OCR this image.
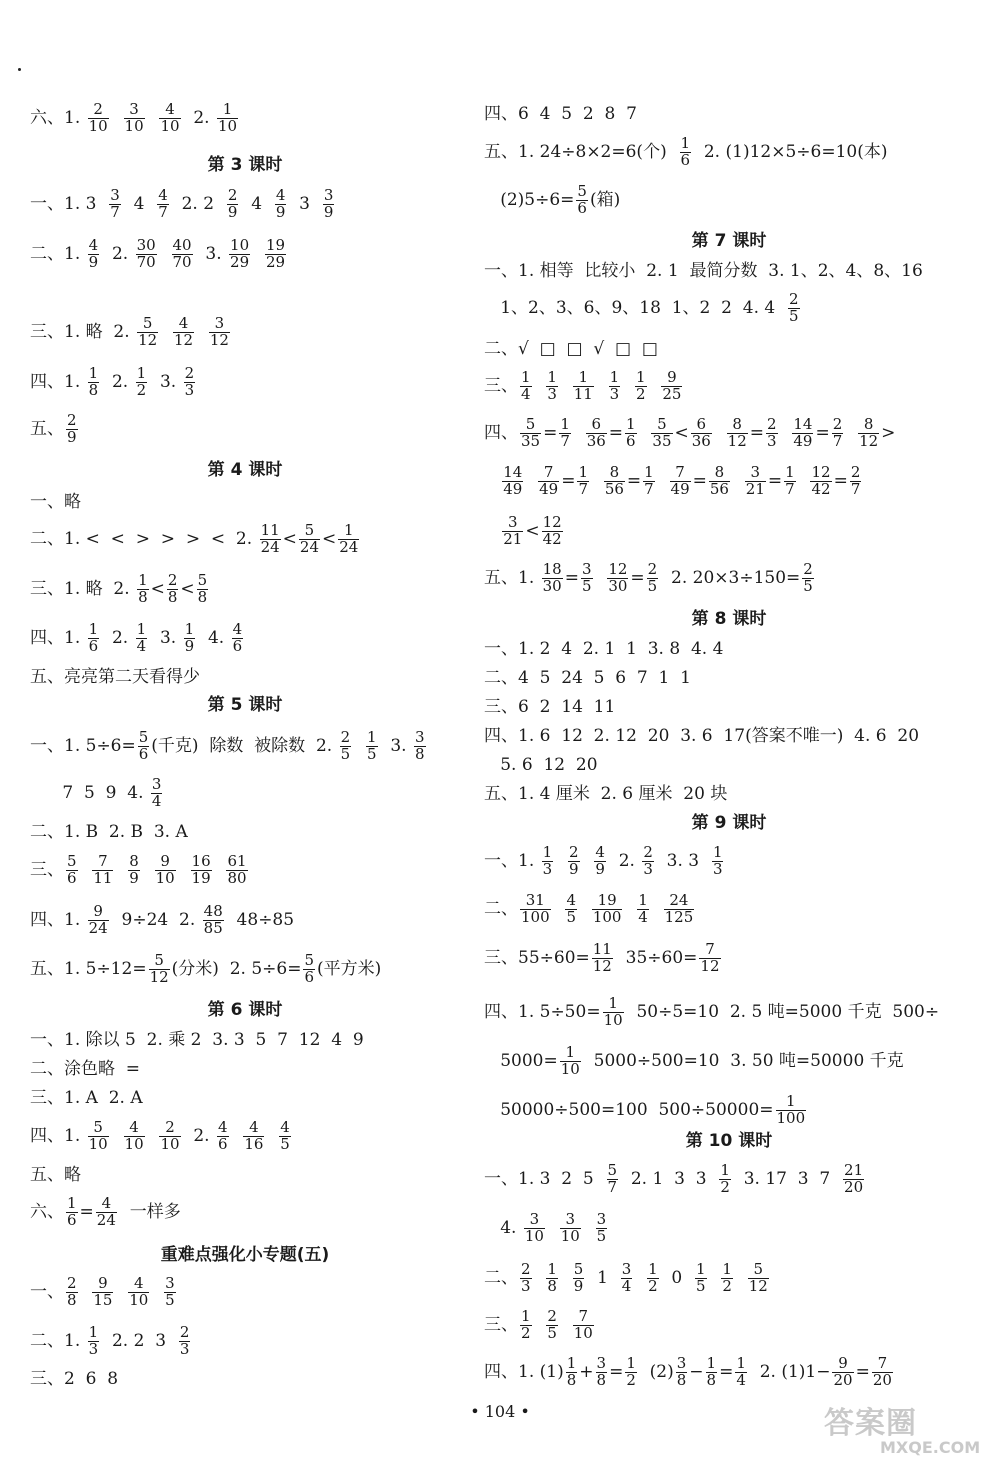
六、1. $\frac{2}{10}$
$\frac{3}{10}$
$\frac{4}{10} 2$. $\frac{1}{10}$
第 3 课时
一、1. $3 \frac{3}{7} 4 \frac{4}{7} 2$. $2 \frac{2}{9} 4 \frac{4}{9} 3 \frac{3}{9}$
二、1. $\frac{4}{9} 2$. $\frac{30}{70}$
$\frac{40}{70} 3$. $\frac{10}{29}$
$\frac{19}{29}$
三、1. 略  2. $\frac{5}{12}$
$\frac{4}{12}$
$\frac{3}{12}$
四、1. $\frac{1}{8} 2$. $\frac{1}{2} 3$. $\frac{2}{3}$
五、 $\frac{2}{9}$
第 4 课时
一、略
二、1. <  <  >  >  >  <  2. $\frac{11}{24} < \frac{5}{24} < \frac{1}{24}$
三、1. 略  2. $\frac{1}{8} < \frac{2}{8} < \frac{5}{8}$
四、1. $\frac{1}{6} 2$. $\frac{1}{4} 3$. $\frac{1}{9} 4$. $\frac{4}{6}$
五、亮亮第二天看得少
第 5 课时
一、1. $5\div 6= \frac{5}{6}$ (千克)  除数  被除数  2. $\frac{2}{5}$
$\frac{1}{5} 3$. $\frac{3}{8}$
7  5  9  4. $\frac{3}{4}$
二、1. B  2. B  3. A
三、 $\frac{5}{6}$
$\frac{7}{11}$
$\frac{8}{9}$
$\frac{9}{10}$
$\frac{16}{19}$
$\frac{61}{80}$
四、1. $\frac{9}{24} 9\div 24$  2. $\frac{48}{85} 48\div 85$
五、1. $5\div 12= \frac{5}{12}$ (分米)  2. $5\div 6= \frac{5}{6}$ (平方米)
第 6 课时
一、1. 除以 5  2. 乘 2  3. 3  5  7  12  4  9
二、涂色略  =
三、1. A  2. A
四、1. $\frac{5}{10}$
$\frac{4}{10}$
$\frac{2}{10} 2$. $\frac{4}{6}$
$\frac{4}{16}$
$\frac{4}{5}$
五、略
六、 $\frac{1}{6} = \frac{4}{24}$ 一样多
重难点强化小专题(五)
一、 $\frac{2}{8}$
$\frac{9}{15}$
$\frac{4}{10}$
$\frac{3}{5}$
二、1. $\frac{1}{3} 2$. 2  $3 \frac{2}{3}$
三、2  6  8
四、6  4  5  2  8  7
五、1. 24÷8×2=6(个) $\frac{1}{6} 2$. (1)12×5÷6=10(本)
$(2)5\div 6= \frac{5}{6}$ (箱)
第 7 课时
一、1. 相等  比较小  2. 1  最简分数  3. 1、2、4、8、16
1、2、3、6、9、18  1、2  2  4. $4 \frac{2}{5}$
二、√  □  □  √  □  □
三、 $\frac{1}{4}$
$\frac{1}{3}$
$\frac{1}{11}$
$\frac{1}{3}$
$\frac{1}{2}$
$\frac{9}{25}$
四、 $\frac{5}{35} = \frac{1}{7}$
$\frac{6}{36} = \frac{1}{6}$
$\frac{5}{35} < \frac{6}{36}$
$\frac{8}{12} = \frac{2}{3}$
$\frac{14}{49} = \frac{2}{7}$
$\frac{8}{12}$ >

$\frac{14}{49}$
$\frac{7}{49} = \frac{1}{7}$
$\frac{8}{56} = \frac{1}{7}$
$\frac{7}{49} = \frac{8}{56}$
$\frac{3}{21} = \frac{1}{7}$
$\frac{12}{42} = \frac{2}{7}$

$\frac{3}{21} < \frac{12}{42}$
五、1. $\frac{18}{30} = \frac{3}{5}$
$\frac{12}{30} = \frac{2}{5} 2$. $20\times 3\div 150= \frac{2}{5}$
第 8 课时
一、1. 2  4  2. 1  1  3. 8  4. 4
二、4  5  24  5  6  7  1  1
三、6  2  14  11
四、1. 6  12  2. 12  20  3. 6  17(答案不唯一)  4. 6  20
5. 6  12  20
五、1. 4 厘米  2. 6 厘米  20 块
第 9 课时
一、1. $\frac{1}{3}$
$\frac{2}{9}$
$\frac{4}{9} 2$. $\frac{2}{3} 3$. $3 \frac{1}{3}$
二、 $\frac{31}{100}$
$\frac{4}{5}$
$\frac{19}{100}$
$\frac{1}{4}$
$\frac{24}{125}$
三、$55\div 60= \frac{11}{12} 35\div 60= \frac{7}{12}$
四、1. $5\div 50= \frac{1}{10} 50\div 5=10$  2. 5 吨=5000 千克  500÷
$5000= \frac{1}{10} 5000\div 500=10$  3. 50 吨=50000 千克
50000÷500=100  $500\div 50000= \frac{1}{100}$
第 10 课时
一、1. 3  2  $5 \frac{5}{7} 2$. 1  3  $3 \frac{1}{2} 3$. 17  3  $7 \frac{21}{20}$
4. $\frac{3}{10}$
$\frac{3}{10}$
$\frac{3}{5}$
二、 $\frac{2}{3}$
$\frac{1}{8}$
$\frac{5}{9} 1 \frac{3}{4}$
$\frac{1}{2} 0 \frac{1}{5}$
$\frac{1}{2}$
$\frac{5}{12}$
三、 $\frac{1}{2}$
$\frac{2}{5}$
$\frac{7}{10}$
四、1. $(1) \frac{1}{8} + \frac{3}{8} = \frac{1}{2} (2) \frac{3}{8} - \frac{1}{8} = \frac{1}{4} 2$. $(1)1- \frac{9}{20} = \frac{7}{20}$
• 104 •	答案圈
MXQE.COM
